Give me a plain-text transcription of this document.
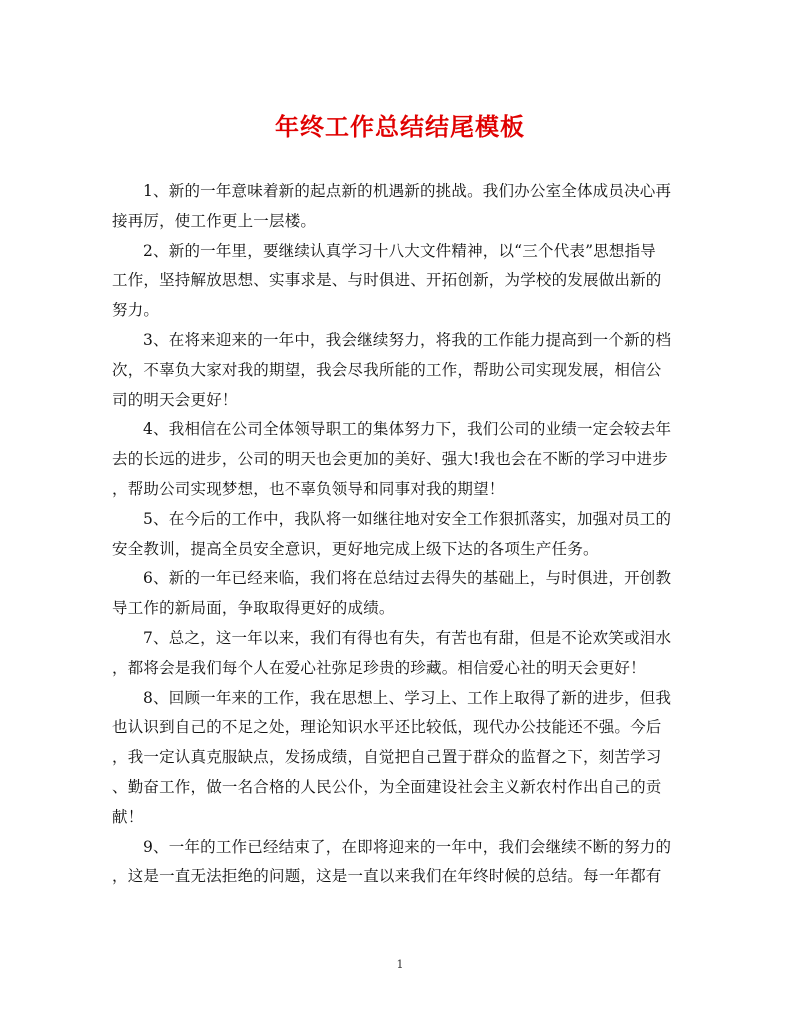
年终工作总结结尾模板

1、新的一年意味着新的起点新的机遇新的挑战。我们办公室全体成员决心再
接再厉，使工作更上一层楼。

2、新的一年里，要继续认真学习十八大文件精神，以“三个代表”思想指导
工作，坚持解放思想、实事求是、与时俱进、开拓创新，为学校的发展做出新的
努力。

3、在将来迎来的一年中，我会继续努力，将我的工作能力提高到一个新的档
次，不辜负大家对我的期望，我会尽我所能的工作，帮助公司实现发展，相信公
司的明天会更好！

4、我相信在公司全体领导职工的集体努力下，我们公司的业绩一定会较去年
去的长远的进步，公司的明天也会更加的美好、强大!我也会在不断的学习中进步
，帮助公司实现梦想，也不辜负领导和同事对我的期望！

5、在今后的工作中，我队将一如继往地对安全工作狠抓落实，加强对员工的
安全教训，提高全员安全意识，更好地完成上级下达的各项生产任务。

6、新的一年已经来临，我们将在总结过去得失的基础上，与时俱进，开创教
导工作的新局面，争取取得更好的成绩。

7、总之，这一年以来，我们有得也有失，有苦也有甜，但是不论欢笑或泪水
，都将会是我们每个人在爱心社弥足珍贵的珍藏。相信爱心社的明天会更好！

8、回顾一年来的工作，我在思想上、学习上、工作上取得了新的进步，但我
也认识到自己的不足之处，理论知识水平还比较低，现代办公技能还不强。今后
，我一定认真克服缺点，发扬成绩，自觉把自己置于群众的监督之下，刻苦学习
、勤奋工作，做一名合格的人民公仆，为全面建设社会主义新农村作出自己的贡
献！

9、一年的工作已经结束了，在即将迎来的一年中，我们会继续不断的努力的
，这是一直无法拒绝的问题，这是一直以来我们在年终时候的总结。每一年都有

1
